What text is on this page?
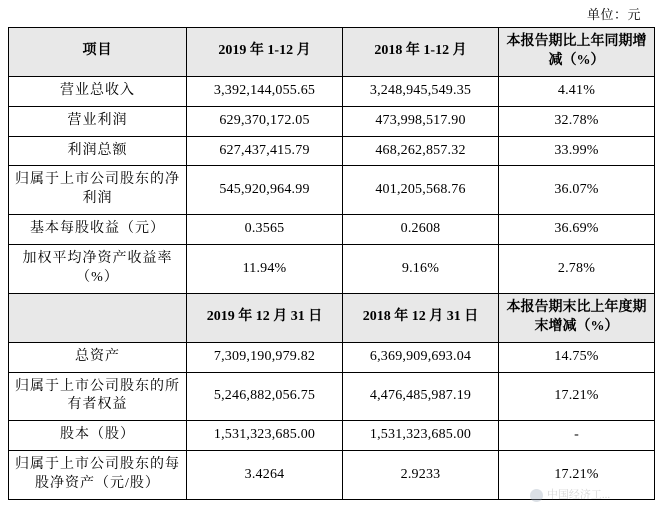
单位：元
项目	2019 年 1-12 月	2018 年 1-12 月	本报告期比上年同期增减（%）
营业总收入	3,392,144,055.65	3,248,945,549.35	4.41%
营业利润	629,370,172.05	473,998,517.90	32.78%
利润总额	627,437,415.79	468,262,857.32	33.99%
归属于上市公司股东的净利润	545,920,964.99	401,205,568.76	36.07%
基本每股收益（元）	0.3565	0.2608	36.69%
加权平均净资产收益率（%）	11.94%	9.16%	2.78%
	2019 年 12 月 31 日	2018 年 12 月 31 日	本报告期末比上年度期末增减（%）
总资产	7,309,190,979.82	6,369,909,693.04	14.75%
归属于上市公司股东的所有者权益	5,246,882,056.75	4,476,485,987.19	17.21%
股本（股）	1,531,323,685.00	1,531,323,685.00	-
归属于上市公司股东的每股净资产（元/股）	3.4264	2.9233	17.21%
中国经济工...
